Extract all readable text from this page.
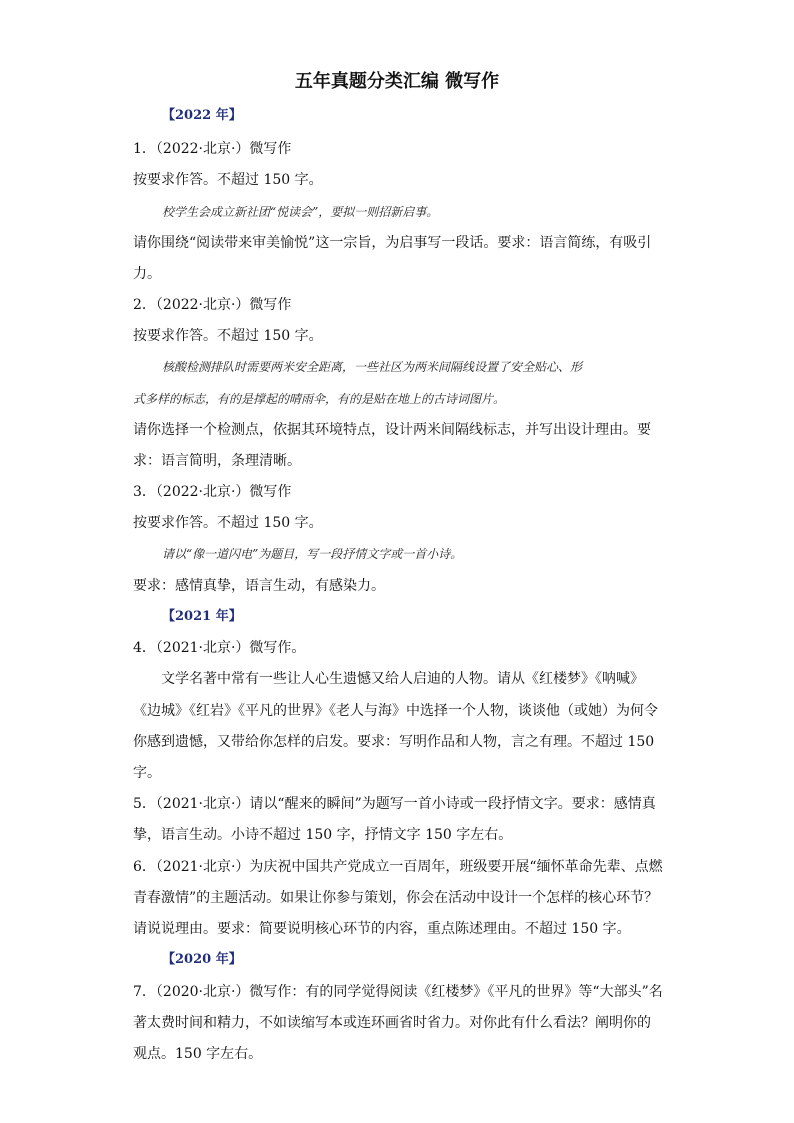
五年真题分类汇编 微写作
【2022 年】
1．（2022·北京·）微写作
按要求作答。不超过 150 字。
校学生会成立新社团“悦读会”，要拟一则招新启事。
请你围绕“阅读带来审美愉悦”这一宗旨，为启事写一段话。要求：语言简练，有吸引
力。
2．（2022·北京·）微写作
按要求作答。不超过 150 字。
核酸检测排队时需要两米安全距离，一些社区为两米间隔线设置了安全贴心、形
式多样的标志，有的是撑起的晴雨伞，有的是贴在地上的古诗词图片。
请你选择一个检测点，依据其环境特点，设计两米间隔线标志，并写出设计理由。要
求：语言简明，条理清晰。
3．（2022·北京·）微写作
按要求作答。不超过 150 字。
请以“像一道闪电”为题目，写一段抒情文字或一首小诗。
要求：感情真挚，语言生动，有感染力。
【2021 年】
4．（2021·北京·）微写作。
文学名著中常有一些让人心生遗憾又给人启迪的人物。请从《红楼梦》《呐喊》
《边城》《红岩》《平凡的世界》《老人与海》中选择一个人物，谈谈他（或她）为何令
你感到遗憾，又带给你怎样的启发。要求：写明作品和人物，言之有理。不超过 150
字。
5．（2021·北京·）请以“醒来的瞬间”为题写一首小诗或一段抒情文字。要求：感情真
挚，语言生动。小诗不超过 150 字，抒情文字 150 字左右。
6．（2021·北京·）为庆祝中国共产党成立一百周年，班级要开展“缅怀革命先辈、点燃
青春激情”的主题活动。如果让你参与策划，你会在活动中设计一个怎样的核心环节？
请说说理由。要求：简要说明核心环节的内容，重点陈述理由。不超过 150 字。
【2020 年】
7．（2020·北京·）微写作：有的同学觉得阅读《红楼梦》《平凡的世界》等“大部头”名
著太费时间和精力，不如读缩写本或连环画省时省力。对你此有什么看法？阐明你的
观点。150 字左右。
